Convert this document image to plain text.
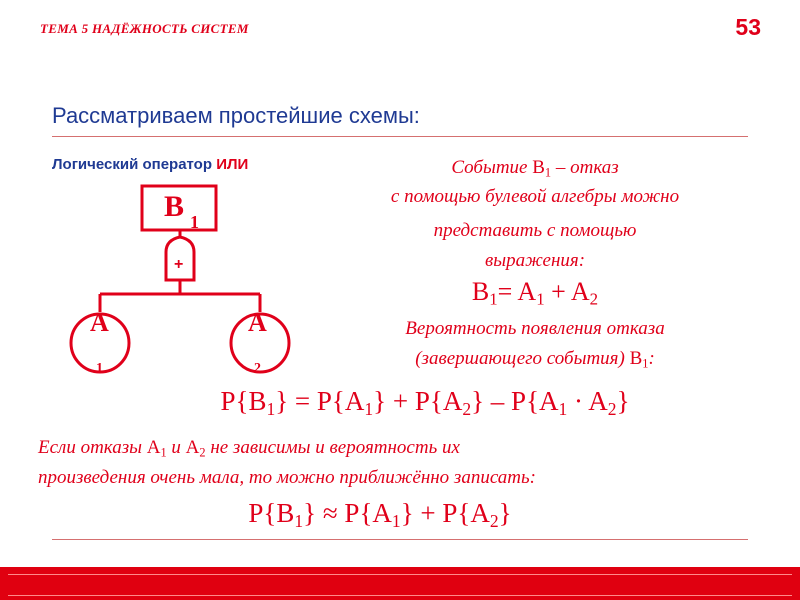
ТЕМА 5 НАДЁЖНОСТЬ СИСТЕМ	53
Рассматриваем простейшие схемы:
Логический оператор ИЛИ
B 1
+
A
1
A
2
Событие $B_1$ – отказ
с помощью булевой алгебры можно
представить с помощью
выражения:
$B_1= A_1 + A_2$
Вероятность появления отказа
(завершающего события) $B_1$:
$P\{B_1\} = P\{A_1\} + P\{A_2\} - P\{A_1 \cdot A_2\}$
Если отказы $A_1$ и $A_2$ не зависимы и вероятность их
произведения очень мала, то можно приближённо записать:
$P\{B_1\} \approx P\{A_1\} + P\{A_2\}$
